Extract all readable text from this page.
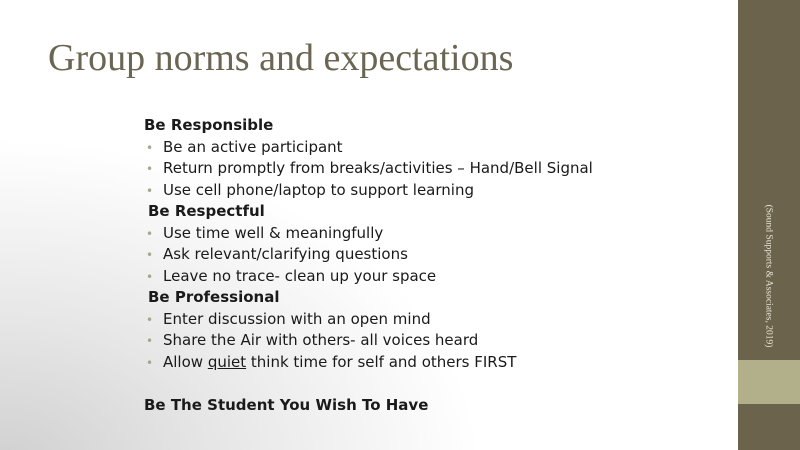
Group norms and expectations
Be Responsible
• Be an active participant
• Return promptly from breaks/activities – Hand/Bell Signal
• Use cell phone/laptop to support learning
Be Respectful
• Use time well & meaningfully
• Ask relevant/clarifying questions
• Leave no trace- clean up your space
Be Professional
• Enter discussion with an open mind
• Share the Air with others- all voices heard
• Allow quiet think time for self and others FIRST
Be The Student You Wish To Have
(Sound Supports & Associates, 2019)
